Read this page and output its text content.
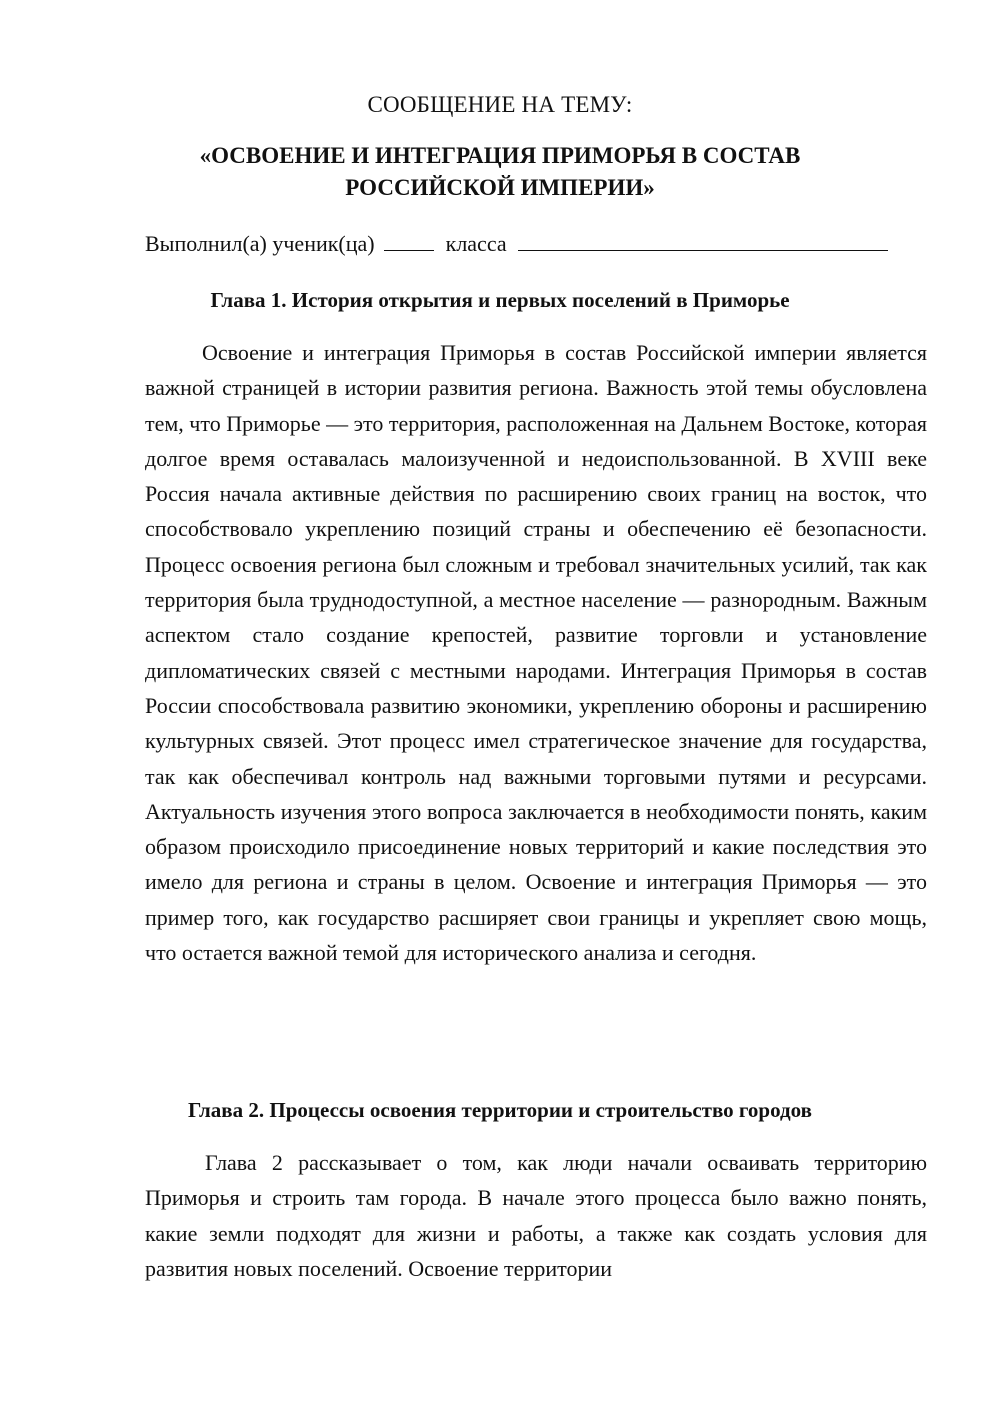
СООБЩЕНИЕ НА ТЕМУ:
«ОСВОЕНИЕ И ИНТЕГРАЦИЯ ПРИМОРЬЯ В СОСТАВ
РОССИЙСКОЙ ИМПЕРИИ»
Выполнил(а) ученик(ца)	класса
Глава 1. История открытия и первых поселений в Приморье

Освоение и интеграция Приморья в состав Российской империи является важной страницей в истории развития региона. Важность этой темы обусловлена тем, что Приморье — это территория, расположенная на Дальнем Востоке, которая долгое время оставалась малоизученной и недоиспользованной. В XVIII веке Россия начала активные действия по расширению своих границ на восток, что способствовало укреплению позиций страны и обеспечению её безопасности. Процесс освоения региона был сложным и требовал значительных усилий, так как территория была труднодоступной, а местное население — разнородным. Важным аспектом стало создание крепостей, развитие торговли и установление дипломатических связей с местными народами. Интеграция Приморья в состав России способствовала развитию экономики, укреплению обороны и расширению культурных связей. Этот процесс имел стратегическое значение для государства, так как обеспечивал контроль над важными торговыми путями и ресурсами. Актуальность изучения этого вопроса заключается в необходимости понять, каким образом происходило присоединение новых территорий и какие последствия это имело для региона и страны в целом. Освоение и интеграция Приморья — это пример того, как государство расширяет свои границы и укрепляет свою мощь, что остается важной темой для исторического анализа и сегодня.

Глава 2. Процессы освоения территории и строительство городов

Глава 2 рассказывает о том, как люди начали осваивать территорию Приморья и строить там города. В начале этого процесса было важно понять, какие земли подходят для жизни и работы, а также как создать условия для развития новых поселений. Освоение территории
